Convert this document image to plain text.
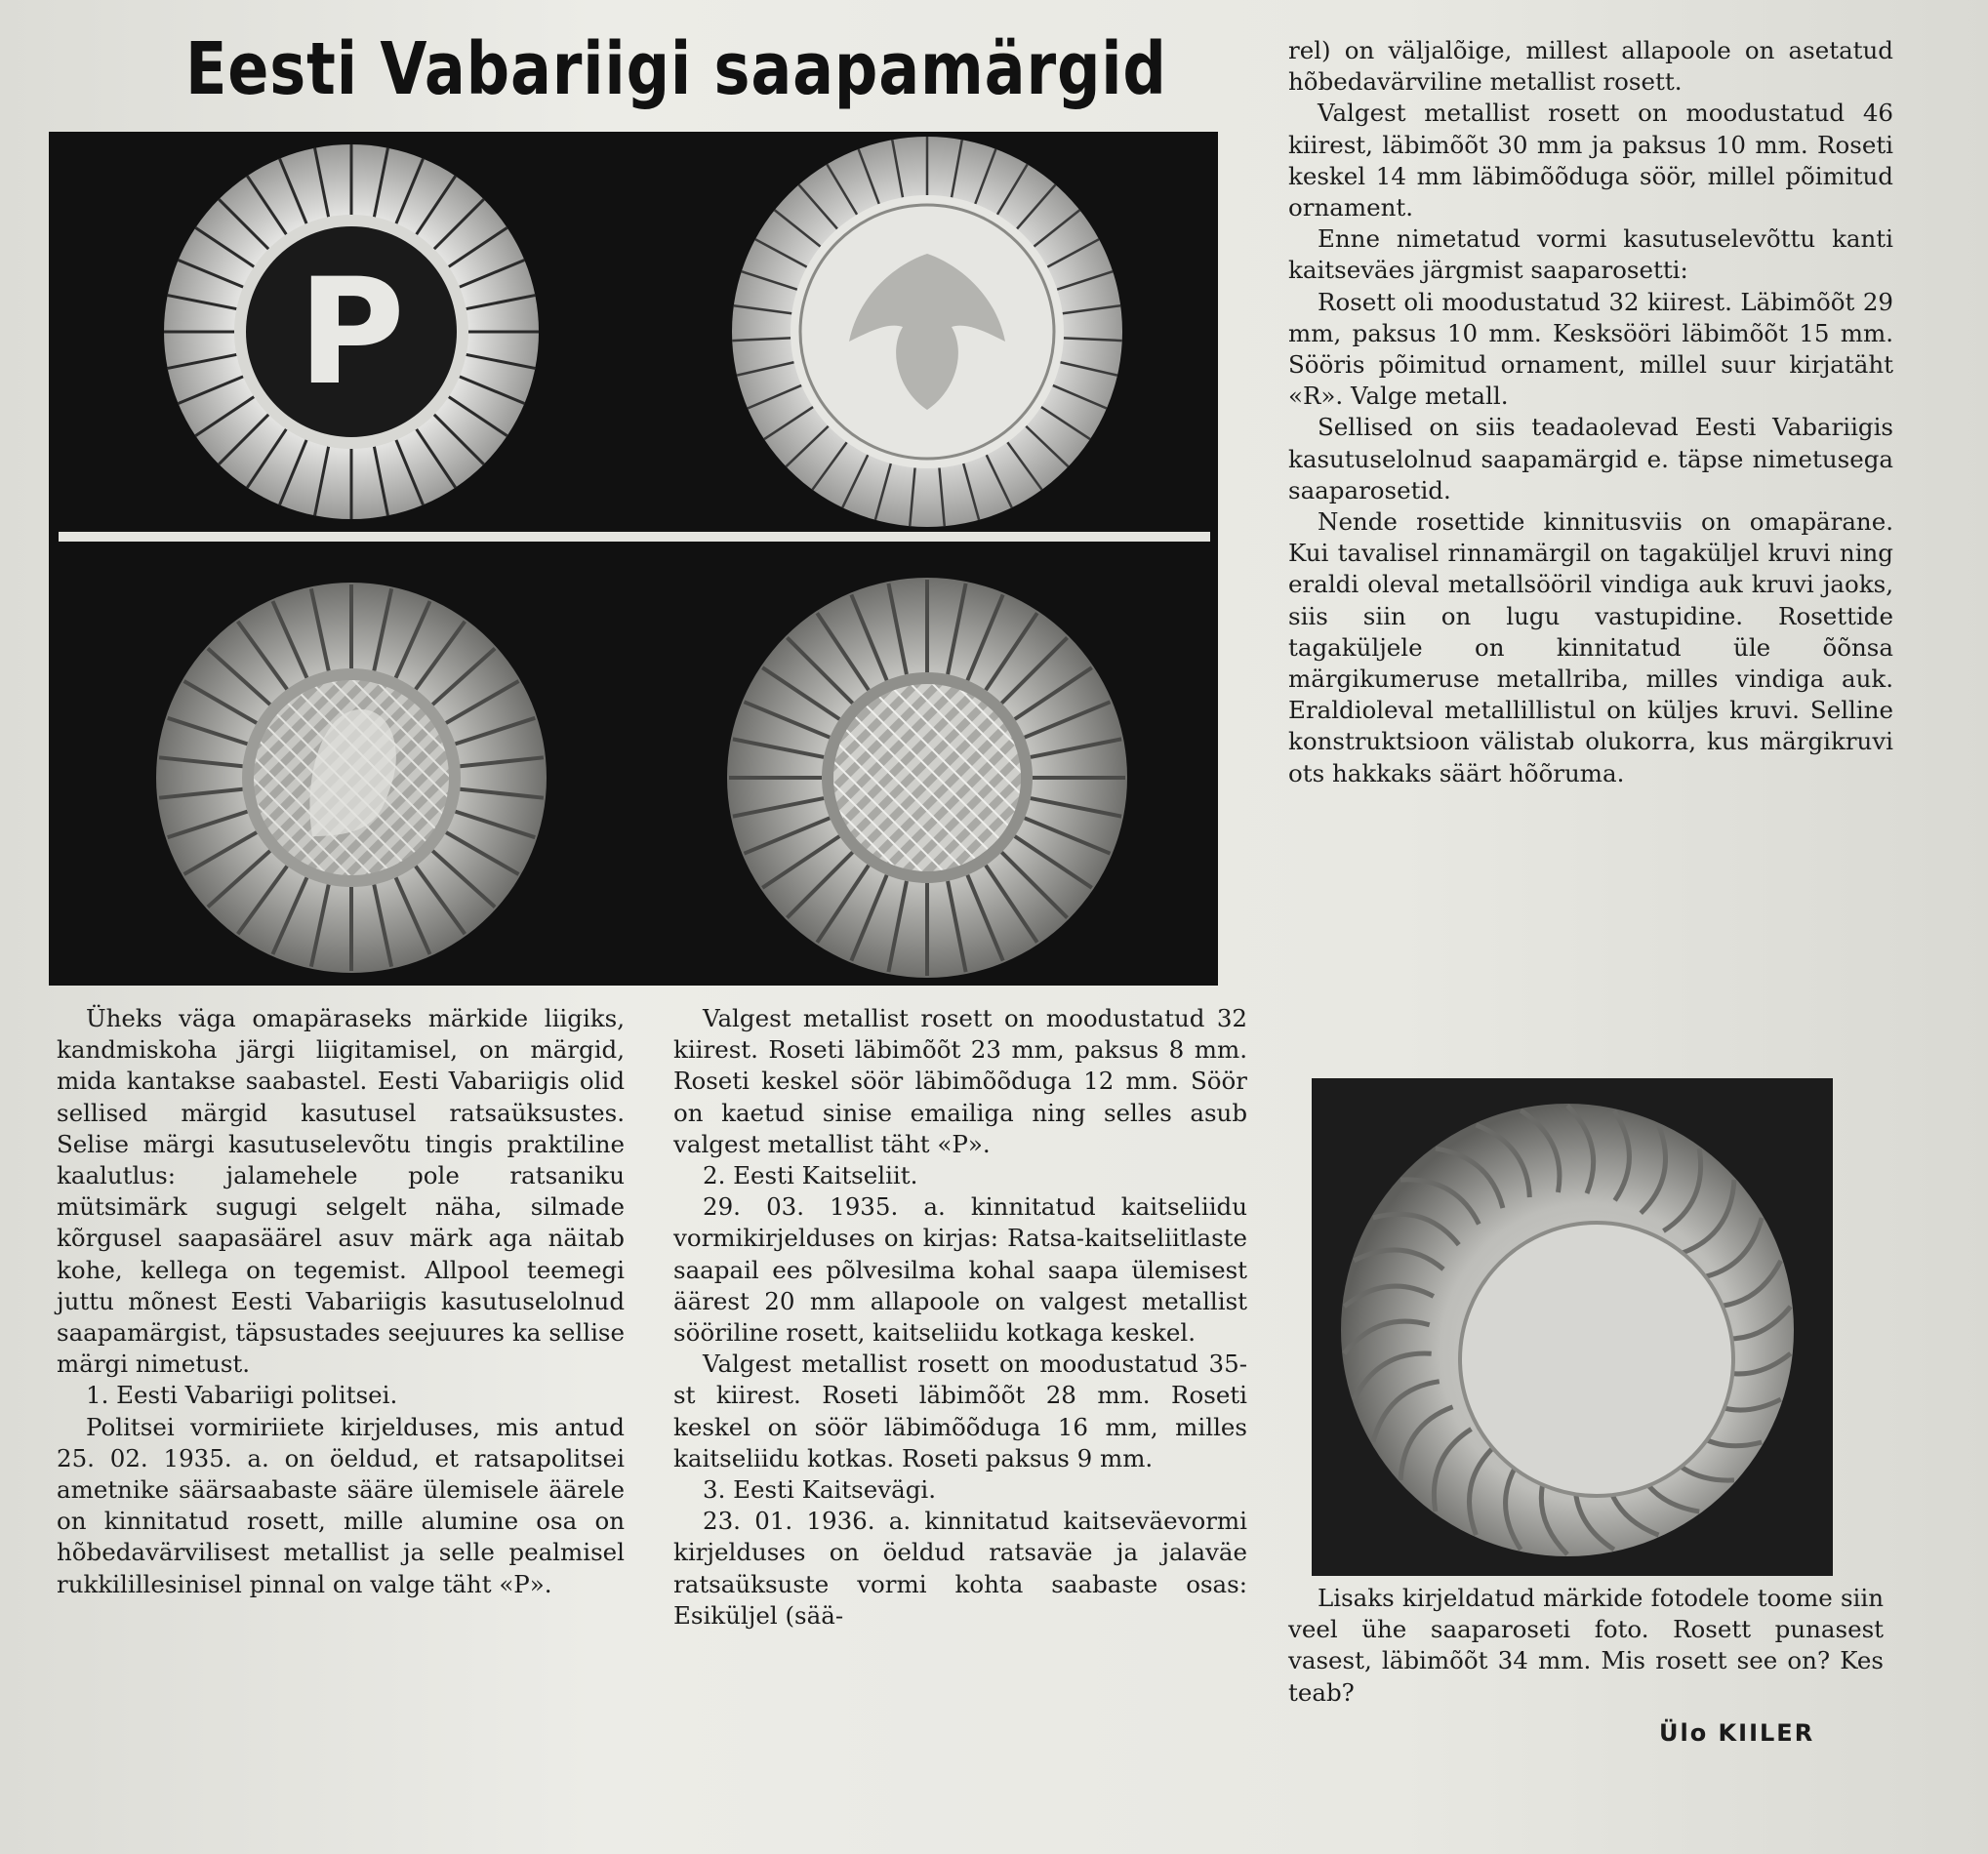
Eesti Vabariigi saapamärgid
P

Üheks väga omapäraseks märkide liigiks, kandmiskoha järgi liigitamisel, on märgid, mida kantakse saabastel. Eesti Vabariigis olid sellised märgid kasutusel ratsaüksustes. Selise märgi kasutuselevõtu tingis praktiline kaalutlus: jalamehele pole ratsaniku mütsimärk sugugi selgelt näha, silmade kõrgusel saapasäärel asuv märk aga näitab kohe, kellega on tegemist. Allpool teemegi juttu mõnest Eesti Vabariigis kasutuselolnud saapamärgist, täpsustades seejuures ka sellise märgi nimetust.

1. Eesti Vabariigi politsei.

Politsei vormiriiete kirjelduses, mis antud 25. 02. 1935. a. on öeldud, et ratsapolitsei ametnike säärsaabaste sääre ülemisele äärele on kinnitatud rosett, mille alumine osa on hõbedavärvilisest metallist ja selle pealmisel rukkilillesinisel pinnal on valge täht «P».

Valgest metallist rosett on moodustatud 32 kiirest. Roseti läbimõõt 23 mm, paksus 8 mm. Roseti keskel söör läbimõõduga 12 mm. Söör on kaetud sinise emailiga ning selles asub valgest metallist täht «P».

2. Eesti Kaitseliit.

29. 03. 1935. a. kinnitatud kaitseliidu vormikirjelduses on kirjas: Ratsa-kaitseliitlaste saapail ees põlvesilma kohal saapa ülemisest äärest 20 mm allapoole on valgest metallist sööriline rosett, kaitseliidu kotkaga keskel.

Valgest metallist rosett on moodustatud 35-st kiirest. Roseti läbimõõt 28 mm. Roseti keskel on söör läbimõõduga 16 mm, milles kaitseliidu kotkas. Roseti paksus 9 mm.

3. Eesti Kaitsevägi.

23. 01. 1936. a. kinnitatud kaitseväevormi kirjelduses on öeldud ratsaväe ja jalaväe ratsaüksuste vormi kohta saabaste osas: Esiküljel (sää-

rel) on väljalõige, millest allapoole on asetatud hõbedavärviline metallist rosett.

Valgest metallist rosett on moodustatud 46 kiirest, läbimõõt 30 mm ja paksus 10 mm. Roseti keskel 14 mm läbimõõduga söör, millel põimitud ornament.

Enne nimetatud vormi kasutuselevõttu kanti kaitseväes järgmist saaparosetti:

Rosett oli moodustatud 32 kiirest. Läbimõõt 29 mm, paksus 10 mm. Kesksööri läbimõõt 15 mm. Sööris põimitud ornament, millel suur kirjatäht «R». Valge metall.

Sellised on siis teadaolevad Eesti Vabariigis kasutuselolnud saapamärgid e. täpse nimetusega saaparosetid.

Nende rosettide kinnitusviis on omapärane. Kui tavalisel rinnamärgil on tagaküljel kruvi ning eraldi oleval metallsööril vindiga auk kruvi jaoks, siis siin on lugu vastupidine. Rosettide tagaküljele on kinnitatud üle õõnsa märgikumeruse metallriba, milles vindiga auk. Eraldioleval metallillistul on küljes kruvi. Selline konstruktsioon välistab olukorra, kus märgikruvi ots hakkaks säärt hõõruma.

Lisaks kirjeldatud märkide fotodele toome siin veel ühe saaparoseti foto. Rosett punasest vasest, läbimõõt 34 mm. Mis rosett see on? Kes teab?

Ülo KIILER
